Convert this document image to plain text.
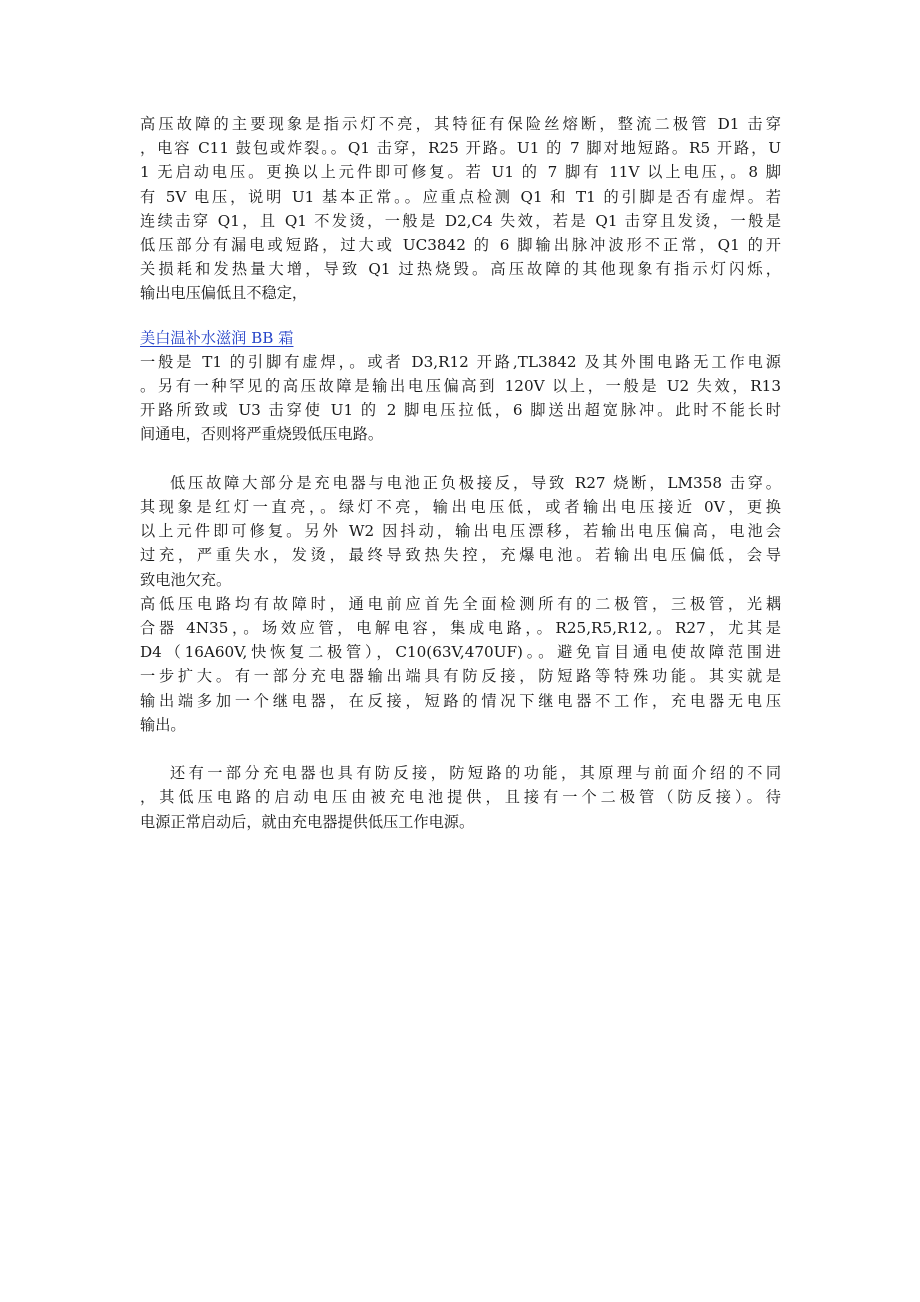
高压故障的主要现象是指示灯不亮，其特征有保险丝熔断，整流二极管 D1 击穿
，电容 C11 鼓包或炸裂。。Q1 击穿，R25 开路。U1 的 7 脚对地短路。R5 开路，U
1 无启动电压。更换以上元件即可修复。若 U1 的 7 脚有 11V 以上电压，。8 脚
有 5V 电压，说明 U1 基本正常。。应重点检测 Q1 和 T1 的引脚是否有虚焊。若
连续击穿 Q1，且 Q1 不发烫，一般是 D2,C4 失效，若是 Q1 击穿且发烫，一般是
低压部分有漏电或短路，过大或 UC3842 的 6 脚输出脉冲波形不正常，Q1 的开
关损耗和发热量大增，导致 Q1 过热烧毁。高压故障的其他现象有指示灯闪烁，
输出电压偏低且不稳定，
美白温补水滋润 BB 霜
一般是 T1 的引脚有虚焊，。或者 D3,R12 开路,TL3842 及其外围电路无工作电源
。另有一种罕见的高压故障是输出电压偏高到 120V 以上，一般是 U2 失效，R13
开路所致或 U3 击穿使 U1 的 2 脚电压拉低，6 脚送出超宽脉冲。此时不能长时
间通电，否则将严重烧毁低压电路。
低压故障大部分是充电器与电池正负极接反，导致 R27 烧断，LM358 击穿。
其现象是红灯一直亮，。绿灯不亮，输出电压低，或者输出电压接近 0V，更换
以上元件即可修复。另外 W2 因抖动，输出电压漂移，若输出电压偏高，电池会
过充，严重失水，发烫，最终导致热失控，充爆电池。若输出电压偏低，会导
致电池欠充。
高低压电路均有故障时，通电前应首先全面检测所有的二极管，三极管，光耦
合器 4N35，。场效应管，电解电容，集成电路，。R25,R5,R12,。R27，尤其是
D4（16A60V,快恢复二极管），C10(63V,470UF)。。避免盲目通电使故障范围进
一步扩大。有一部分充电器输出端具有防反接，防短路等特殊功能。其实就是
输出端多加一个继电器，在反接，短路的情况下继电器不工作，充电器无电压
输出。
还有一部分充电器也具有防反接，防短路的功能，其原理与前面介绍的不同
，其低压电路的启动电压由被充电池提供，且接有一个二极管（防反接）。待
电源正常启动后，就由充电器提供低压工作电源。
